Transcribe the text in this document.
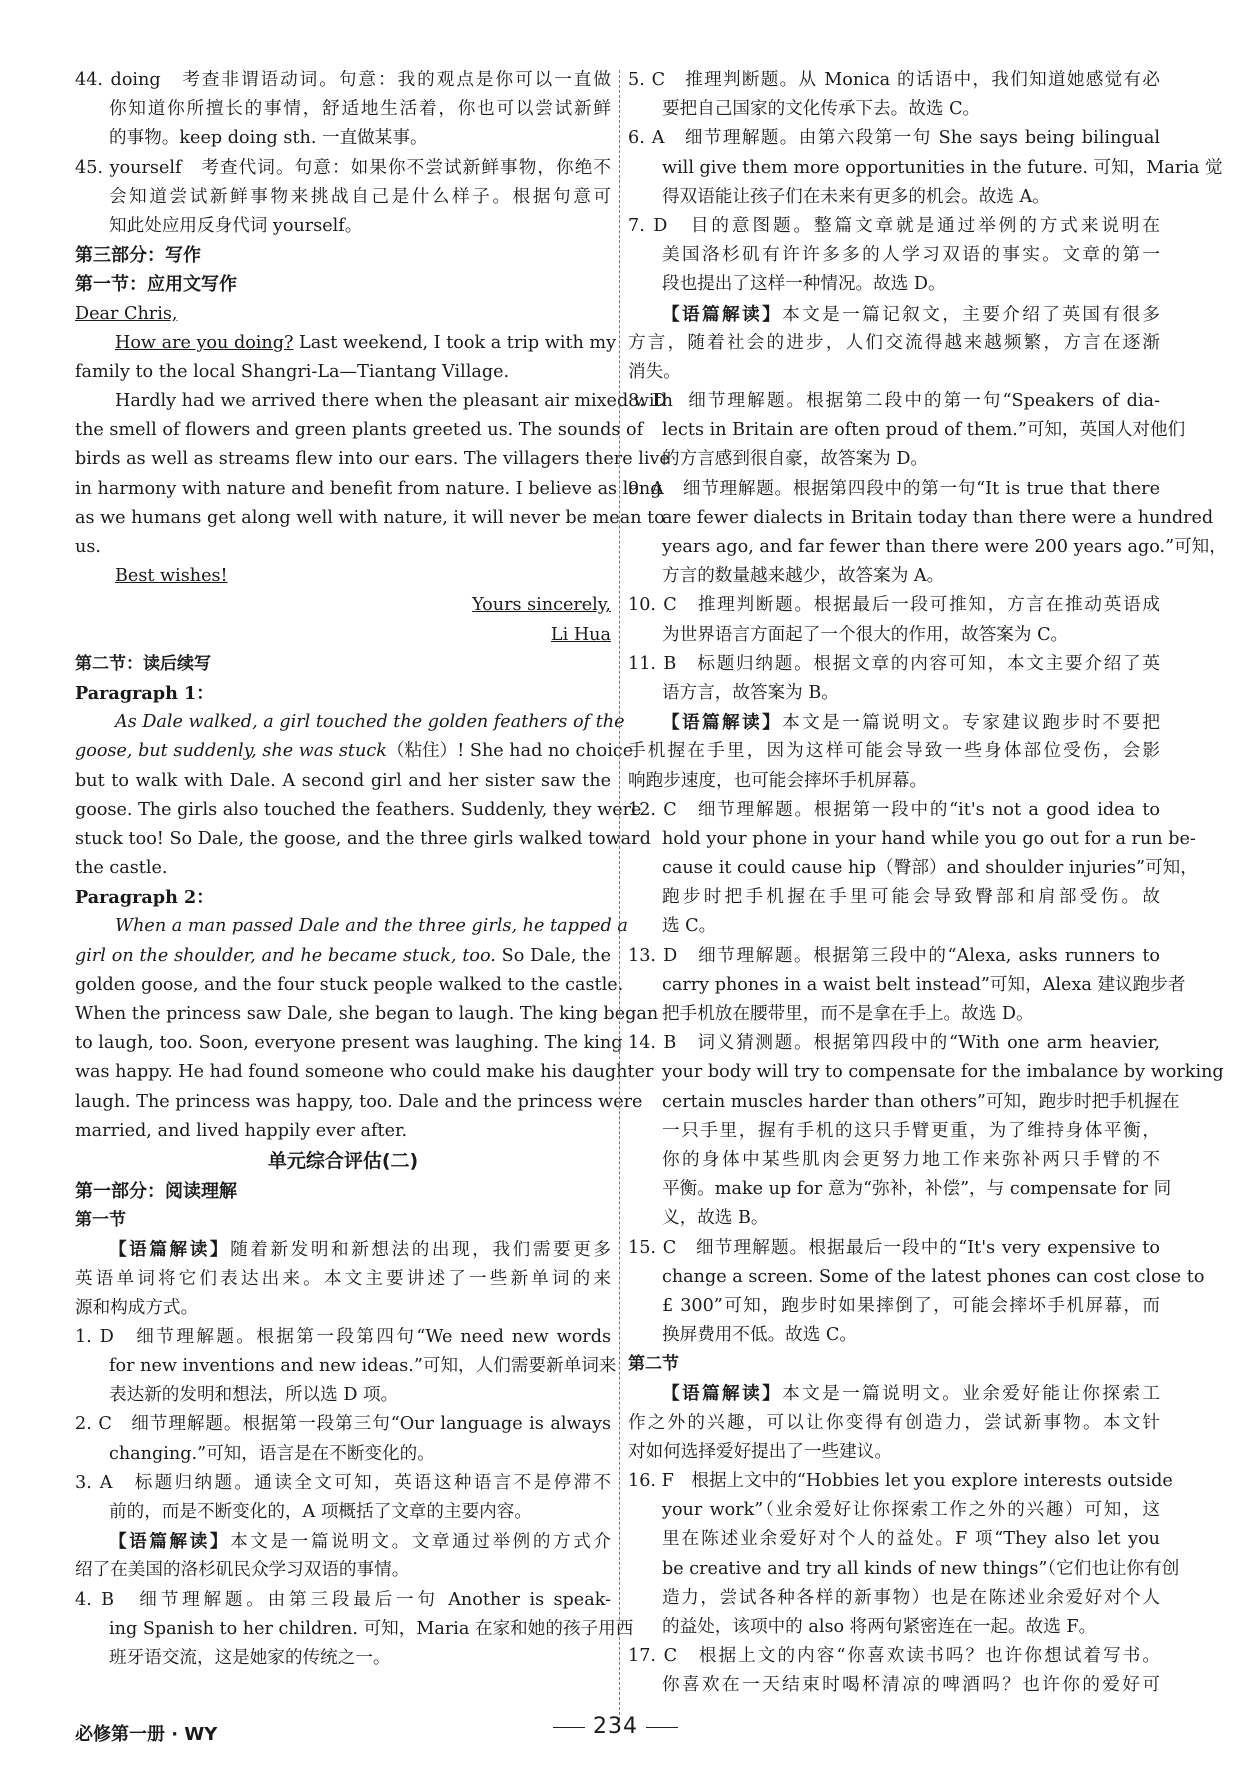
44. doing　考查非谓语动词。句意：我的观点是你可以一直做
你知道你所擅长的事情，舒适地生活着，你也可以尝试新鲜
的事物。keep doing sth. 一直做某事。
45. yourself　考查代词。句意：如果你不尝试新鲜事物，你绝不
会知道尝试新鲜事物来挑战自己是什么样子。根据句意可
知此处应用反身代词 yourself。
第三部分：写作
第一节：应用文写作
Dear Chris,
How are you doing? Last weekend, I took a trip with my
family to the local Shangri-La—Tiantang Village.
Hardly had we arrived there when the pleasant air mixed with
the smell of flowers and green plants greeted us. The sounds of
birds as well as streams flew into our ears. The villagers there live
in harmony with nature and benefit from nature. I believe as long
as we humans get along well with nature, it will never be mean to
us.
Best wishes!
Yours sincerely,
Li Hua
第二节：读后续写
Paragraph 1：
As Dale walked, a girl touched the golden feathers of the
goose, but suddenly, she was stuck（粘住）! She had no choice
but to walk with Dale. A second girl and her sister saw the
goose. The girls also touched the feathers. Suddenly, they were
stuck too! So Dale, the goose, and the three girls walked toward
the castle.
Paragraph 2：
When a man passed Dale and the three girls, he tapped a
girl on the shoulder, and he became stuck, too. So Dale, the
golden goose, and the four stuck people walked to the castle.
When the princess saw Dale, she began to laugh. The king began
to laugh, too. Soon, everyone present was laughing. The king
was happy. He had found someone who could make his daughter
laugh. The princess was happy, too. Dale and the princess were
married, and lived happily ever after.
单元综合评估(二)
第一部分：阅读理解
第一节
【语篇解读】随着新发明和新想法的出现，我们需要更多
英语单词将它们表达出来。本文主要讲述了一些新单词的来
源和构成方式。
1. D　细节理解题。根据第一段第四句“We need new words
for new inventions and new ideas.”可知，人们需要新单词来
表达新的发明和想法，所以选 D 项。
2. C　细节理解题。根据第一段第三句“Our language is always
changing.”可知，语言是在不断变化的。
3. A　标题归纳题。通读全文可知，英语这种语言不是停滞不
前的，而是不断变化的，A 项概括了文章的主要内容。
【语篇解读】本文是一篇说明文。文章通过举例的方式介
绍了在美国的洛杉矶民众学习双语的事情。
4. B　细节理解题。由第三段最后一句 Another is speak-
ing Spanish to her children. 可知，Maria 在家和她的孩子用西
班牙语交流，这是她家的传统之一。
5. C　推理判断题。从 Monica 的话语中，我们知道她感觉有必
要把自己国家的文化传承下去。故选 C。
6. A　细节理解题。由第六段第一句 She says being bilingual
will give them more opportunities in the future. 可知，Maria 觉
得双语能让孩子们在未来有更多的机会。故选 A。
7. D　目的意图题。整篇文章就是通过举例的方式来说明在
美国洛杉矶有许许多多的人学习双语的事实。文章的第一
段也提出了这样一种情况。故选 D。
【语篇解读】本文是一篇记叙文，主要介绍了英国有很多
方言，随着社会的进步，人们交流得越来越频繁，方言在逐渐
消失。
8. D　细节理解题。根据第二段中的第一句“Speakers of dia-
lects in Britain are often proud of them.”可知，英国人对他们
的方言感到很自豪，故答案为 D。
9. A　细节理解题。根据第四段中的第一句“It is true that there
are fewer dialects in Britain today than there were a hundred
years ago, and far fewer than there were 200 years ago.”可知，
方言的数量越来越少，故答案为 A。
10. C　推理判断题。根据最后一段可推知，方言在推动英语成
为世界语言方面起了一个很大的作用，故答案为 C。
11. B　标题归纳题。根据文章的内容可知，本文主要介绍了英
语方言，故答案为 B。
【语篇解读】本文是一篇说明文。专家建议跑步时不要把
手机握在手里，因为这样可能会导致一些身体部位受伤，会影
响跑步速度，也可能会摔坏手机屏幕。
12. C　细节理解题。根据第一段中的“it's not a good idea to
hold your phone in your hand while you go out for a run be-
cause it could cause hip（臀部）and shoulder injuries”可知，
跑步时把手机握在手里可能会导致臀部和肩部受伤。故
选 C。
13. D　细节理解题。根据第三段中的“Alexa, asks runners to
carry phones in a waist belt instead”可知，Alexa 建议跑步者
把手机放在腰带里，而不是拿在手上。故选 D。
14. B　词义猜测题。根据第四段中的“With one arm heavier,
your body will try to compensate for the imbalance by working
certain muscles harder than others”可知，跑步时把手机握在
一只手里，握有手机的这只手臂更重，为了维持身体平衡，
你的身体中某些肌肉会更努力地工作来弥补两只手臂的不
平衡。make up for 意为“弥补，补偿”，与 compensate for 同
义，故选 B。
15. C　细节理解题。根据最后一段中的“It's very expensive to
change a screen. Some of the latest phones can cost close to
£ 300”可知，跑步时如果摔倒了，可能会摔坏手机屏幕，而
换屏费用不低。故选 C。
第二节
【语篇解读】本文是一篇说明文。业余爱好能让你探索工
作之外的兴趣，可以让你变得有创造力，尝试新事物。本文针
对如何选择爱好提出了一些建议。
16. F　根据上文中的“Hobbies let you explore interests outside
your work”（业余爱好让你探索工作之外的兴趣）可知，这
里在陈述业余爱好对个人的益处。F 项“They also let you
be creative and try all kinds of new things”（它们也让你有创
造力，尝试各种各样的新事物）也是在陈述业余爱好对个人
的益处，该项中的 also 将两句紧密连在一起。故选 F。
17. C　根据上文的内容“你喜欢读书吗？也许你想试着写书。
你喜欢在一天结束时喝杯清凉的啤酒吗？也许你的爱好可
必修第一册 · WY	234
